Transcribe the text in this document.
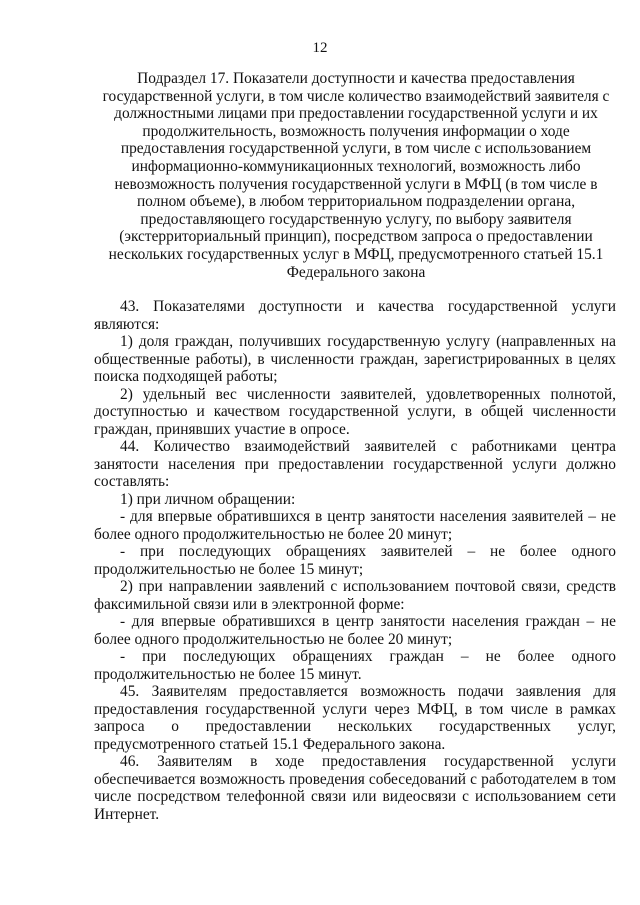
12
Подраздел 17. Показатели доступности и качества предоставления государственной услуги, в том числе количество взаимодействий заявителя с должностными лицами при предоставлении государственной услуги и их продолжительность, возможность получения информации о ходе предоставления государственной услуги, в том числе с использованием информационно-коммуникационных технологий, возможность либо невозможность получения государственной услуги в МФЦ (в том числе в полном объеме), в любом территориальном подразделении органа, предоставляющего государственную услугу, по выбору заявителя (экстерриториальный принцип), посредством запроса о предоставлении нескольких государственных услуг в МФЦ, предусмотренного статьей 15.1 Федерального закона

43. Показателями доступности и качества государственной услуги являются:

1) доля граждан, получивших государственную услугу (направленных на общественные работы), в численности граждан, зарегистрированных в целях поиска подходящей работы;

2) удельный вес численности заявителей, удовлетворенных полнотой, доступностью и качеством государственной услуги, в общей численности граждан, принявших участие в опросе.

44. Количество взаимодействий заявителей с работниками центра занятости населения при предоставлении государственной услуги должно составлять:

1) при личном обращении:

- для впервые обратившихся в центр занятости населения заявителей – не более одного продолжительностью не более 20 минут;

- при последующих обращениях заявителей – не более одного продолжительностью не более 15 минут;

2) при направлении заявлений с использованием почтовой связи, средств факсимильной связи или в электронной форме:

- для впервые обратившихся в центр занятости населения граждан – не более одного продолжительностью не более 20 минут;

- при последующих обращениях граждан – не более одного продолжительностью не более 15 минут.

45. Заявителям предоставляется возможность подачи заявления для предоставления государственной услуги через МФЦ, в том числе в рамках запроса о предоставлении нескольких государственных услуг, предусмотренного статьей 15.1 Федерального закона.

46. Заявителям в ходе предоставления государственной услуги обеспечивается возможность проведения собеседований с работодателем в том числе посредством телефонной связи или видеосвязи с использованием сети Интернет.
